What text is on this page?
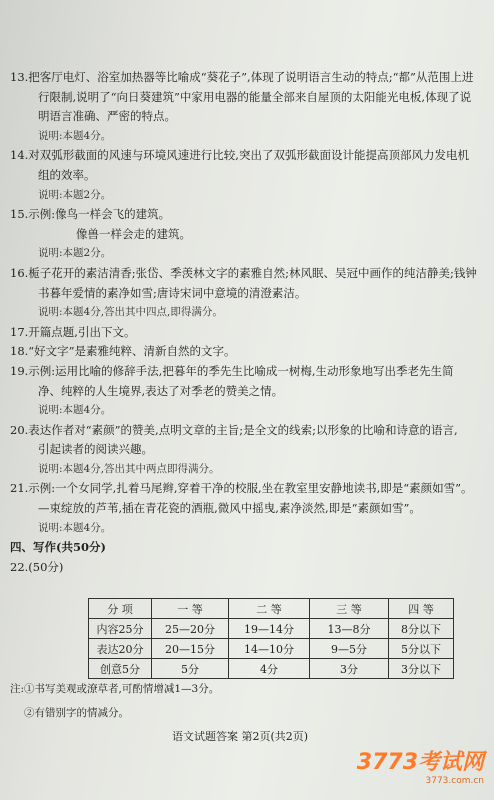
13.把客厅电灯、浴室加热器等比喻成“葵花子”,体现了说明语言生动的特点;“都”从范围上进
行限制,说明了“向日葵建筑”中家用电器的能量全部来自屋顶的太阳能光电板,体现了说
明语言准确、严密的特点。
说明:本题4分。
14.对双弧形截面的风速与环境风速进行比较,突出了双弧形截面设计能提高顶部风力发电机
组的效率。
说明:本题2分。
15.示例:像鸟一样会飞的建筑。
像兽一样会走的建筑。
说明:本题2分。
16.栀子花开的素洁清香;张岱、季羡林文字的素雅自然;林风眠、吴冠中画作的纯洁静美;钱钟
书暮年爱情的素净如雪;唐诗宋词中意境的清澄素洁。
说明:本题4分,答出其中四点,即得满分。
17.开篇点题,引出下文。
18.“好文字”是素雅纯粹、清新自然的文字。
19.示例:运用比喻的修辞手法,把暮年的季先生比喻成一树梅,生动形象地写出季老先生简
净、纯粹的人生境界,表达了对季老的赞美之情。
说明:本题4分。
20.表达作者对“素颜”的赞美,点明文章的主旨;是全文的线索;以形象的比喻和诗意的语言,
引起读者的阅读兴趣。
说明:本题4分,答出其中两点即得满分。
21.示例:一个女同学,扎着马尾辫,穿着干净的校服,坐在教室里安静地读书,即是“素颜如雪”。
—束绽放的芦苇,插在青花瓷的酒瓶,微风中摇曳,素净淡然,即是“素颜如雪”。
说明:本题4分。
四、写作(共50分)
22.(50分)
分 项	一 等	二 等	三 等	四 等
内容25分	25—20分	19—14分	13—8分	8分以下
表达20分	20—15分	14—10分	9—5分	5分以下
创意5分	5分	4分	3分	3分以下
注:①书写美观或潦草者,可酌情增减1—3分。
②有错别字的情减分。
语文试题答案 第2页(共2页)
3773考试网
3773.com.cn
